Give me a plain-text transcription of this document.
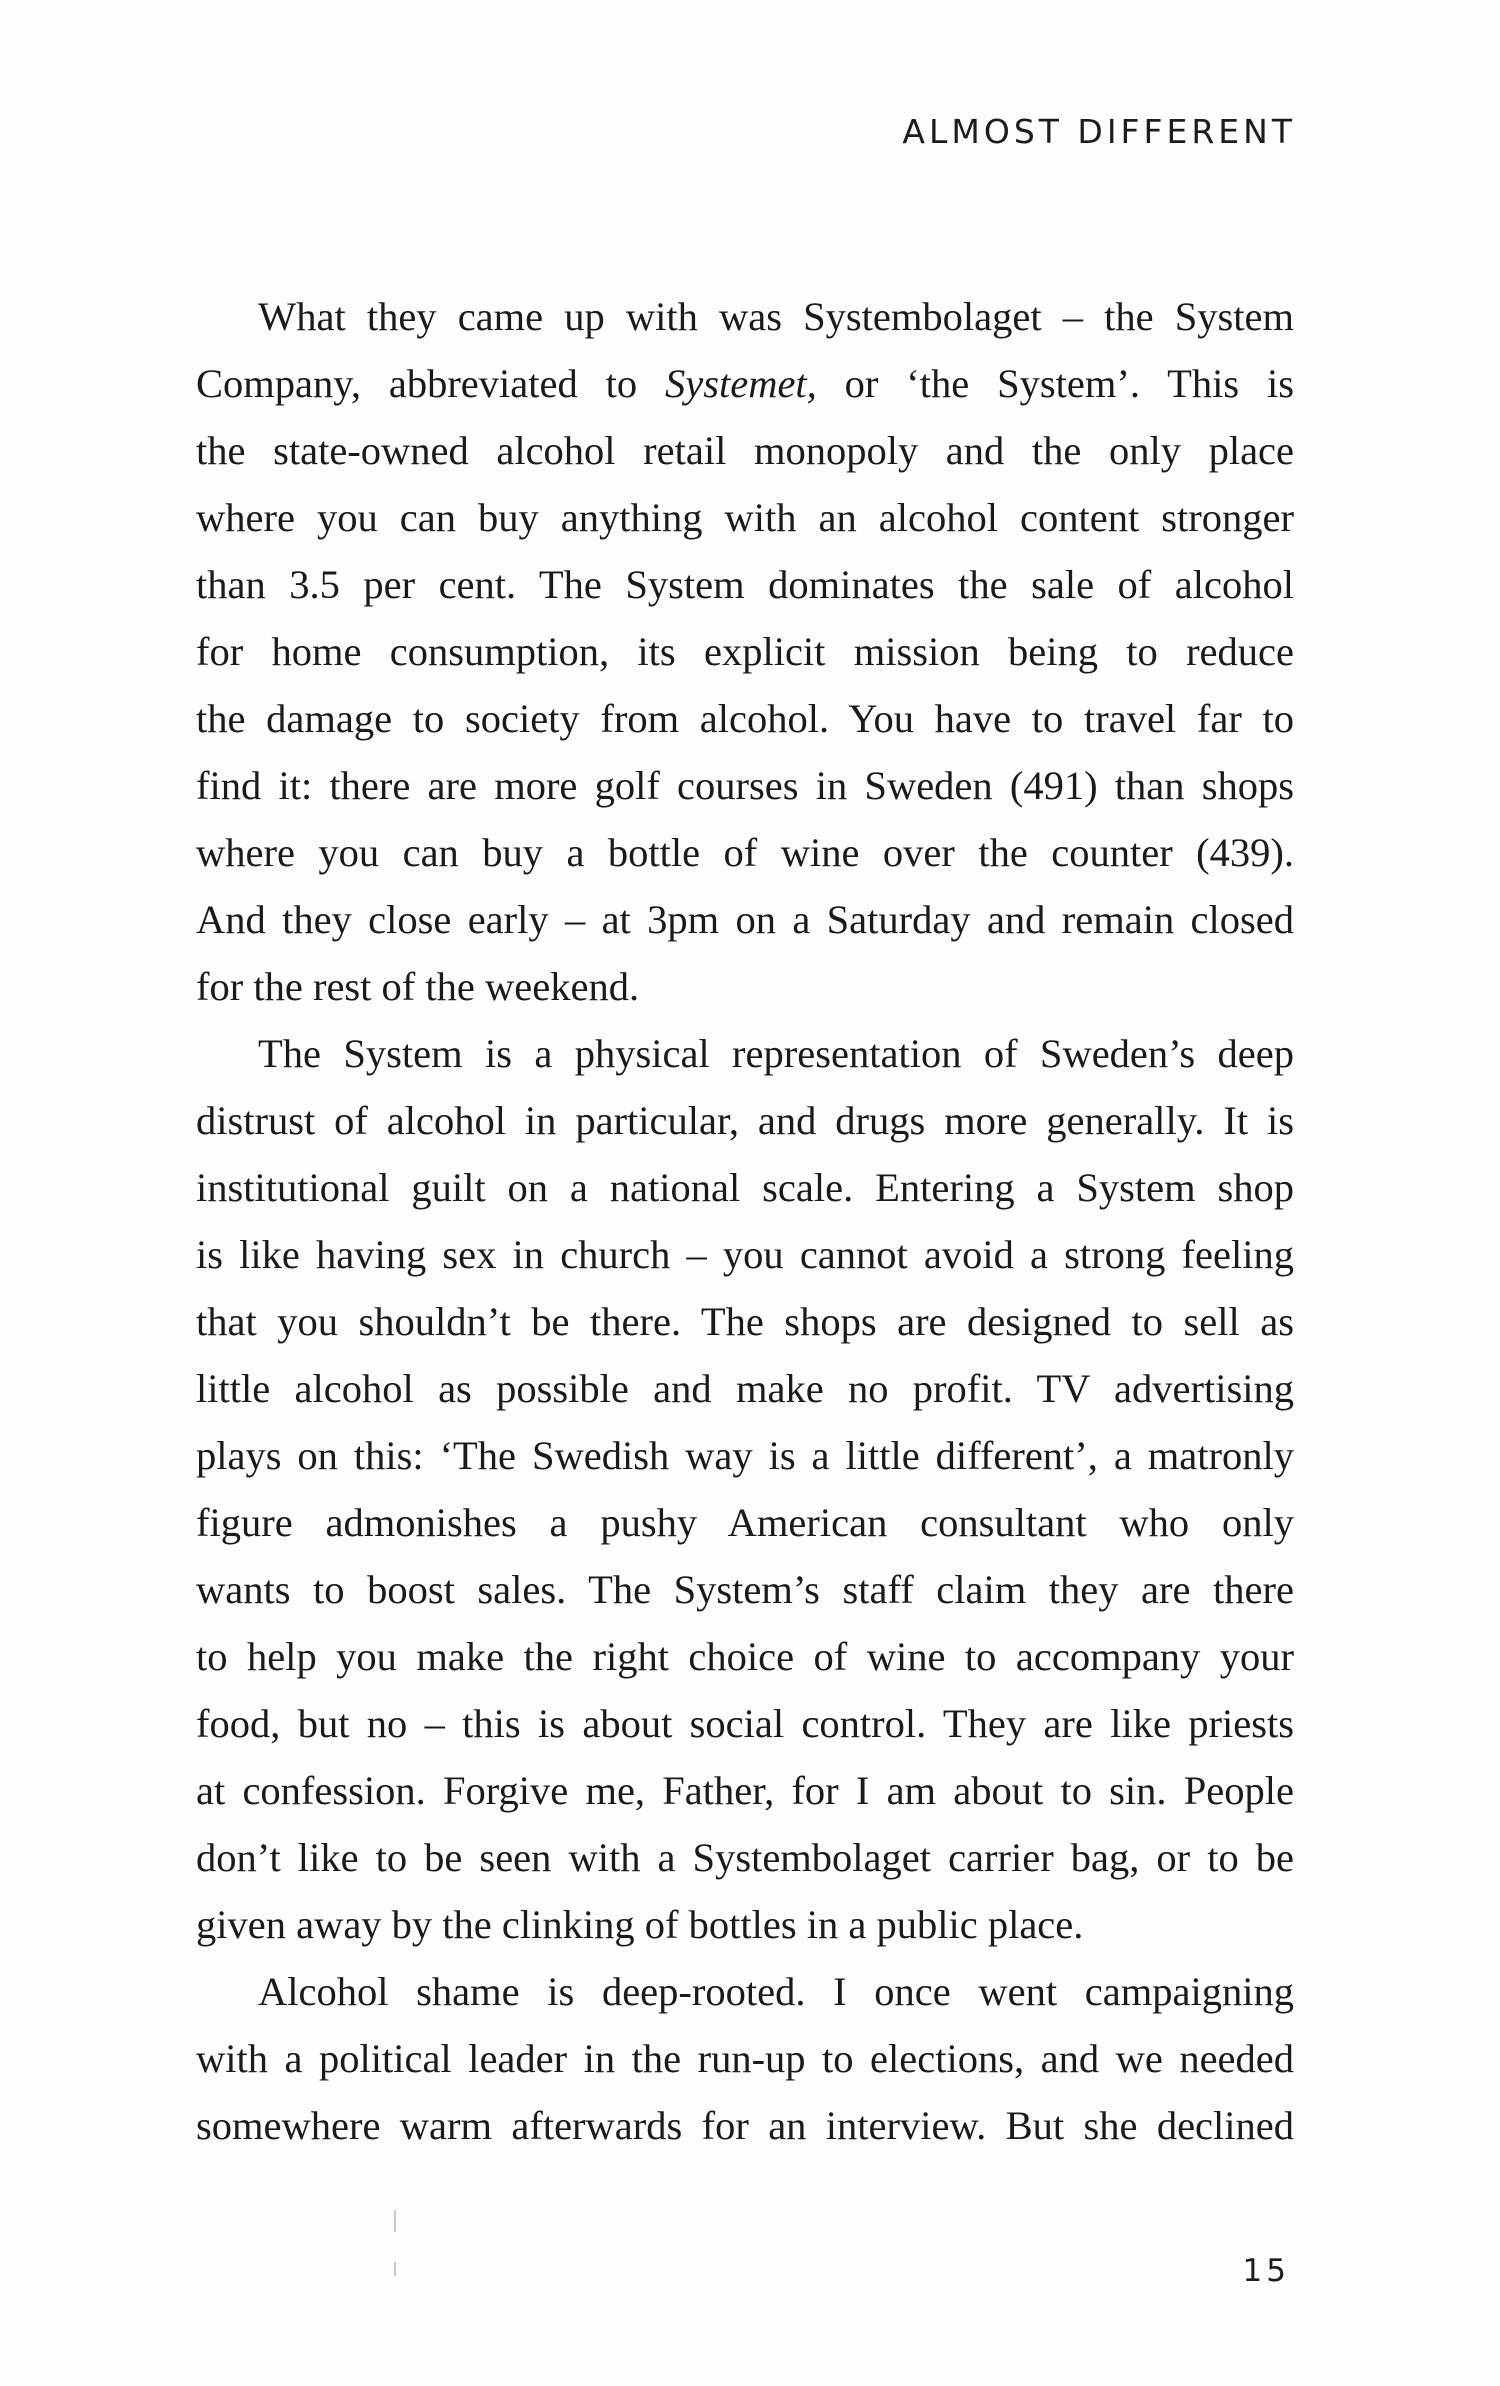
ALMOST DIFFERENT
What they came up with was Systembolaget – the System
Company, abbreviated to Systemet, or ‘the System’. This is
the state-owned alcohol retail monopoly and the only place
where you can buy anything with an alcohol content stronger
than 3.5 per cent. The System dominates the sale of alcohol
for home consumption, its explicit mission being to reduce
the damage to society from alcohol. You have to travel far to
find it: there are more golf courses in Sweden (491) than shops
where you can buy a bottle of wine over the counter (439).
And they close early – at 3pm on a Saturday and remain closed
for the rest of the weekend.
The System is a physical representation of Sweden’s deep
distrust of alcohol in particular, and drugs more generally. It is
institutional guilt on a national scale. Entering a System shop
is like having sex in church – you cannot avoid a strong feeling
that you shouldn’t be there. The shops are designed to sell as
little alcohol as possible and make no profit. TV advertising
plays on this: ‘The Swedish way is a little different’, a matronly
figure admonishes a pushy American consultant who only
wants to boost sales. The System’s staff claim they are there
to help you make the right choice of wine to accompany your
food, but no – this is about social control. They are like priests
at confession. Forgive me, Father, for I am about to sin. People
don’t like to be seen with a Systembolaget carrier bag, or to be
given away by the clinking of bottles in a public place.
Alcohol shame is deep-rooted. I once went campaigning
with a political leader in the run-up to elections, and we needed
somewhere warm afterwards for an interview. But she declined
15
